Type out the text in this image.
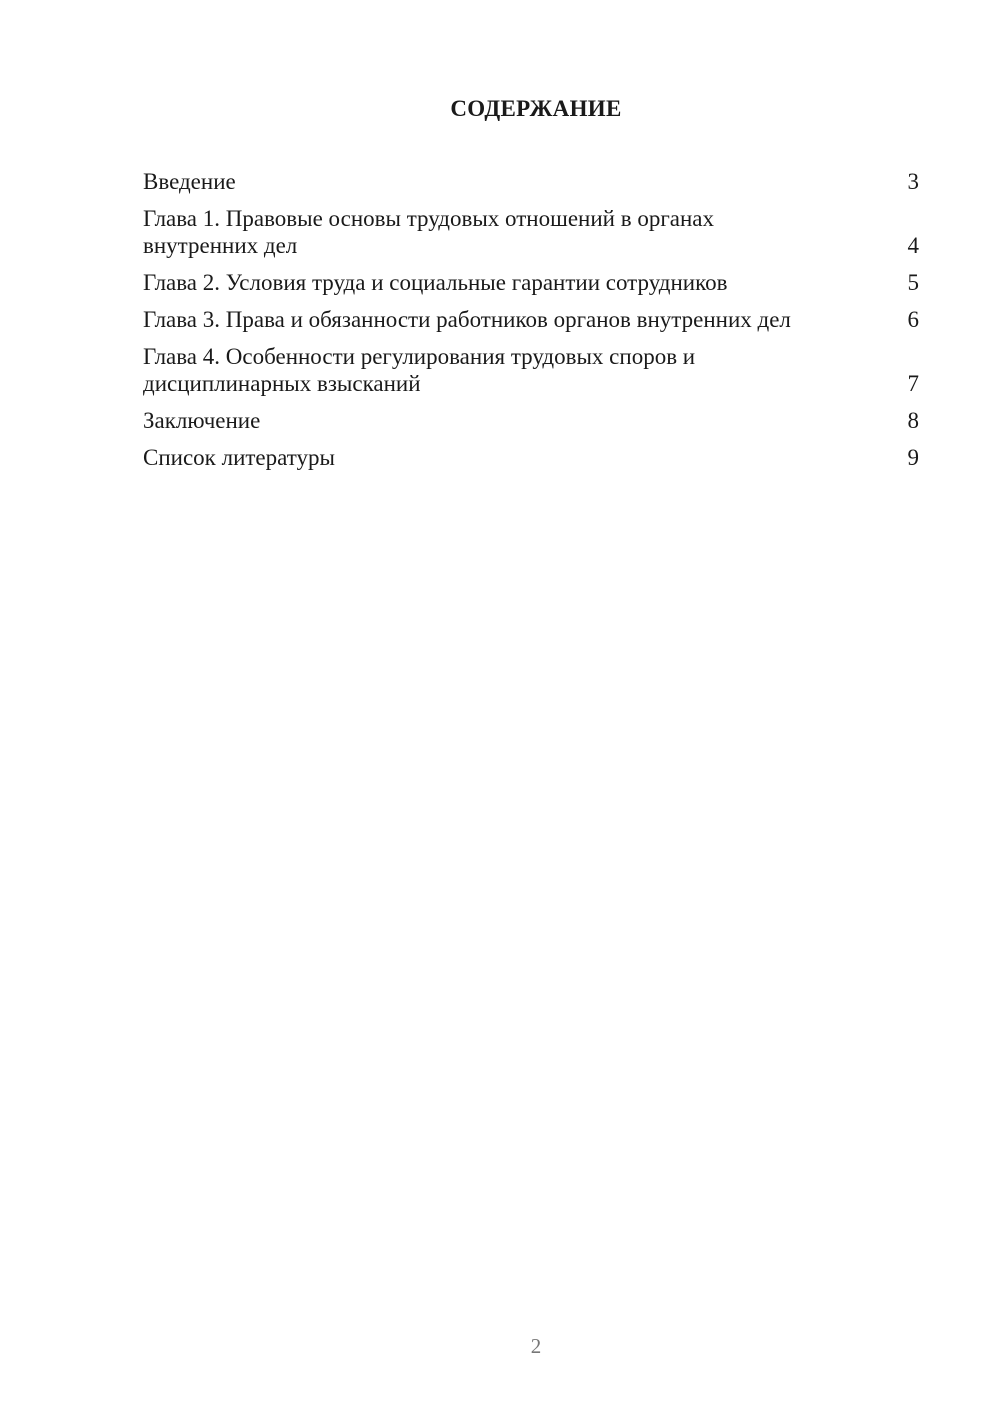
СОДЕРЖАНИЕ
Введение	3
Глава 1. Правовые основы трудовых отношений в органах внутренних дел	4
Глава 2. Условия труда и социальные гарантии сотрудников	5
Глава 3. Права и обязанности работников органов внутренних дел	6
Глава 4. Особенности регулирования трудовых споров и дисциплинарных взысканий	7
Заключение	8
Список литературы	9
2
